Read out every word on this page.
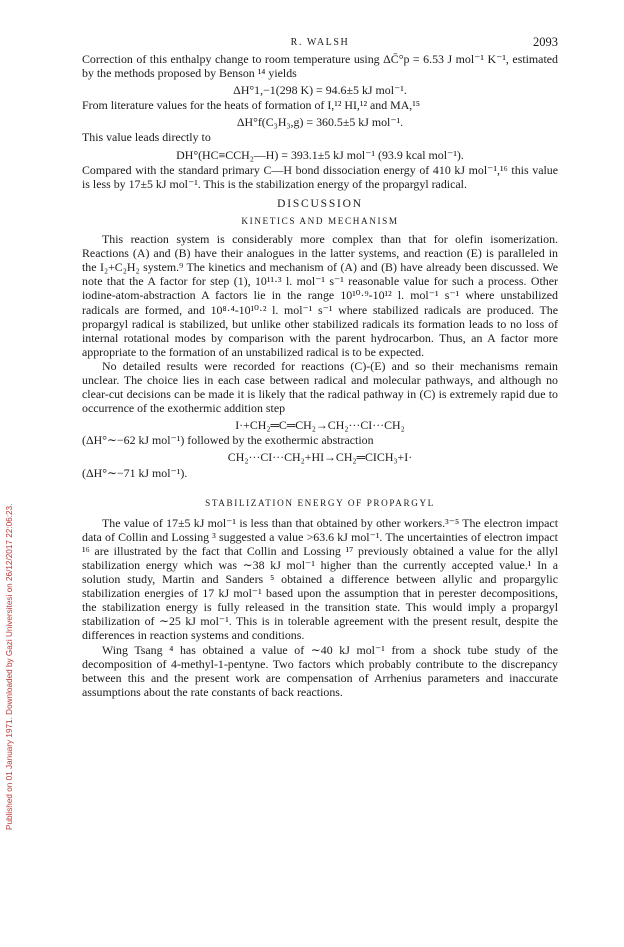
Published on 01 January 1971. Downloaded by Gazi Universitesi on 26/12/2017 22:06:23.
R. WALSH	2093

Correction of this enthalpy change to room temperature using ΔC̄°p = 6.53 J mol⁻¹ K⁻¹, estimated by the methods proposed by Benson ¹⁴ yields

ΔH°1,−1(298 K) = 94.6±5 kJ mol⁻¹.

From literature values for the heats of formation of I,¹² HI,¹² and MA,¹⁵

ΔH°f(C₃H₃,g) = 360.5±5 kJ mol⁻¹.

This value leads directly to

DH°(HC≡CCH₂—H) = 393.1±5 kJ mol⁻¹ (93.9 kcal mol⁻¹).

Compared with the standard primary C—H bond dissociation energy of 410 kJ mol⁻¹,¹⁶ this value is less by 17±5 kJ mol⁻¹. This is the stabilization energy of the propargyl radical.

DISCUSSION
KINETICS AND MECHANISM

This reaction system is considerably more complex than that for olefin isomerization. Reactions (A) and (B) have their analogues in the latter systems, and reaction (E) is paralleled in the I₂+C₂H₂ system.⁹ The kinetics and mechanism of (A) and (B) have already been discussed. We note that the A factor for step (1), 10¹¹·³ l. mol⁻¹ s⁻¹ reasonable value for such a process. Other iodine-atom-abstraction A factors lie in the range 10¹⁰·⁹-10¹² l. mol⁻¹ s⁻¹ where unstabilized radicals are formed, and 10⁸·⁴-10¹⁰·² l. mol⁻¹ s⁻¹ where stabilized radicals are produced. The propargyl radical is stabilized, but unlike other stabilized radicals its formation leads to no loss of internal rotational modes by comparison with the parent hydrocarbon. Thus, an A factor more appropriate to the formation of an unstabilized radical is to be expected.

No detailed results were recorded for reactions (C)-(E) and so their mechanisms remain unclear. The choice lies in each case between radical and molecular pathways, and although no clear-cut decisions can be made it is likely that the radical pathway in (C) is extremely rapid due to occurrence of the exothermic addition step

I·+CH₂═C═CH₂→CH₂···CI···CH₂
(ΔH°∼−62 kJ mol⁻¹) followed by the exothermic abstraction
CH₂···CI···CH₂+HI→CH₂═CICH₃+I·
(ΔH°∼−71 kJ mol⁻¹).
STABILIZATION ENERGY OF PROPARGYL

The value of 17±5 kJ mol⁻¹ is less than that obtained by other workers.³⁻⁵ The electron impact data of Collin and Lossing ³ suggested a value >63.6 kJ mol⁻¹. The uncertainties of electron impact ¹⁶ are illustrated by the fact that Collin and Lossing ¹⁷ previously obtained a value for the allyl stabilization energy which was ∼38 kJ mol⁻¹ higher than the currently accepted value.¹ In a solution study, Martin and Sanders ⁵ obtained a difference between allylic and propargylic stabilization energies of 17 kJ mol⁻¹ based upon the assumption that in perester decompositions, the stabilization energy is fully released in the transition state. This would imply a propargyl stabilization of ∼25 kJ mol⁻¹. This is in tolerable agreement with the present result, despite the differences in reaction systems and conditions.

Wing Tsang ⁴ has obtained a value of ∼40 kJ mol⁻¹ from a shock tube study of the decomposition of 4-methyl-1-pentyne. Two factors which probably contribute to the discrepancy between this and the present work are compensation of Arrhenius parameters and inaccurate assumptions about the rate constants of back reactions.
